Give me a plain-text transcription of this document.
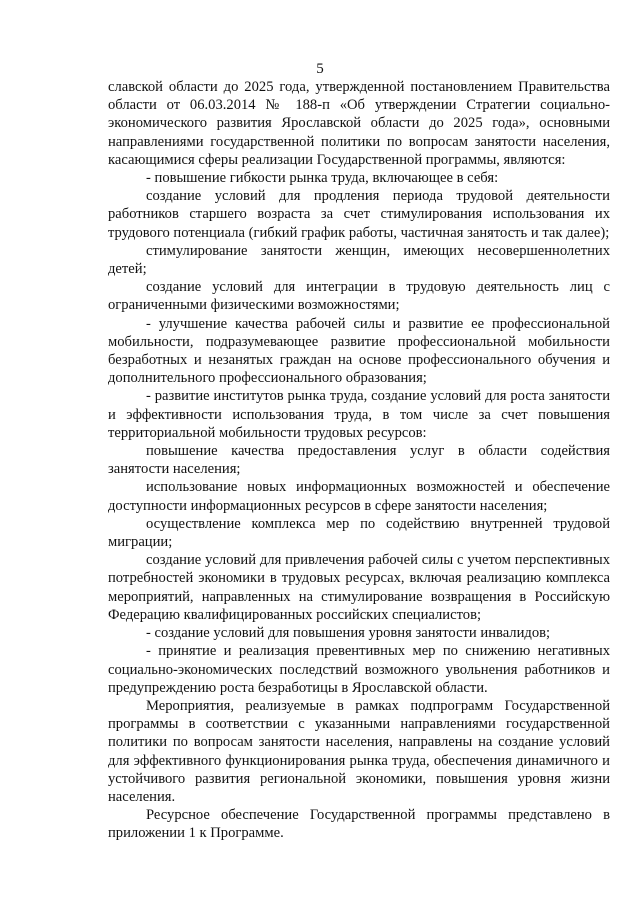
5

славской области до 2025 года, утвержденной постановлением Правительства области от 06.03.2014 № 188-п «Об утверждении Стратегии социально-экономического развития Ярославской области до 2025 года», основными направлениями государственной политики по вопросам занятости населения, касающимися сферы реализации Государственной программы, являются:

- повышение гибкости рынка труда, включающее в себя:

создание условий для продления периода трудовой деятельности работников старшего возраста за счет стимулирования использования их трудового потенциала (гибкий график работы, частичная занятость и так далее);

стимулирование занятости женщин, имеющих несовершеннолетних детей;

создание условий для интеграции в трудовую деятельность лиц с ограниченными физическими возможностями;

- улучшение качества рабочей силы и развитие ее профессиональной мобильности, подразумевающее развитие профессиональной мобильности безработных и незанятых граждан на основе профессионального обучения и дополнительного профессионального образования;

- развитие институтов рынка труда, создание условий для роста занятости и эффективности использования труда, в том числе за счет повышения территориальной мобильности трудовых ресурсов:

повышение качества предоставления услуг в области содействия занятости населения;

использование новых информационных возможностей и обеспечение доступности информационных ресурсов в сфере занятости населения;

осуществление комплекса мер по содействию внутренней трудовой миграции;

создание условий для привлечения рабочей силы с учетом перспективных потребностей экономики в трудовых ресурсах, включая реализацию комплекса мероприятий, направленных на стимулирование возвращения в Российскую Федерацию квалифицированных российских специалистов;

- создание условий для повышения уровня занятости инвалидов;

- принятие и реализация превентивных мер по снижению негативных социально-экономических последствий возможного увольнения работников и предупреждению роста безработицы в Ярославской области.

Мероприятия, реализуемые в рамках подпрограмм Государственной программы в соответствии с указанными направлениями государственной политики по вопросам занятости населения, направлены на создание условий для эффективного функционирования рынка труда, обеспечения динамичного и устойчивого развития региональной экономики, повышения уровня жизни населения.

Ресурсное обеспечение Государственной программы представлено в приложении 1 к Программе.
